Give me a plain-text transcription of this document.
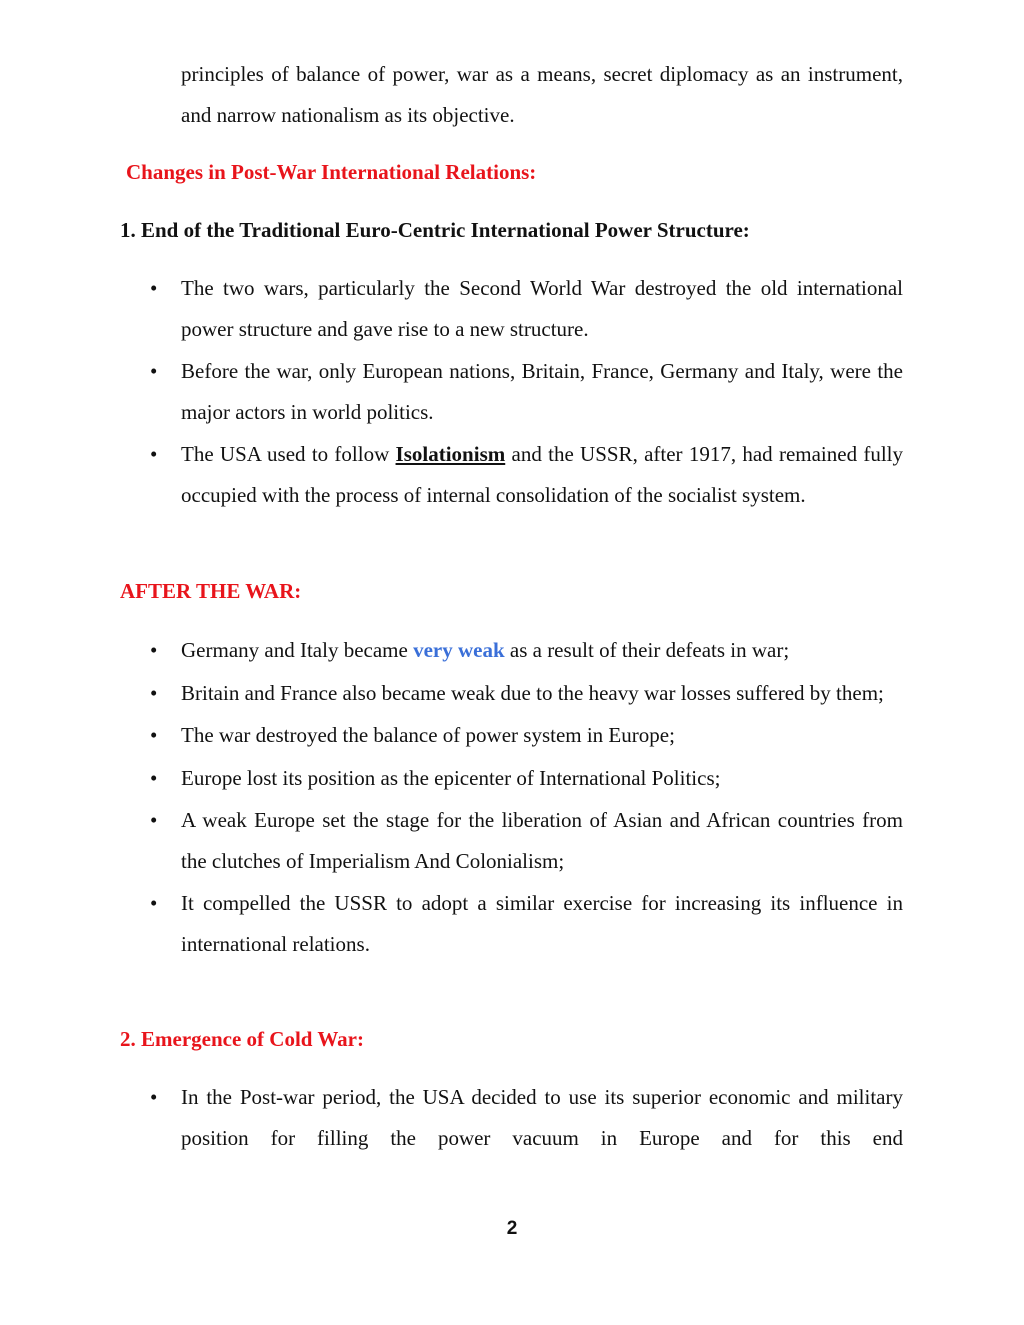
principles of balance of power, war as a means, secret diplomacy as an instrument, and narrow nationalism as its objective.

Changes in Post-War International Relations:
1. End of the Traditional Euro-Centric International Power Structure:
• The two wars, particularly the Second World War destroyed the old international power structure and gave rise to a new structure.
• Before the war, only European nations, Britain, France, Germany and Italy, were the major actors in world politics.
• The USA used to follow Isolationism and the USSR, after 1917, had remained fully occupied with the process of internal consolidation of the socialist system.
AFTER THE WAR:
• Germany and Italy became very weak as a result of their defeats in war;
• Britain and France also became weak due to the heavy war losses suffered by them;
• The war destroyed the balance of power system in Europe;
• Europe lost its position as the epicenter of International Politics;
• A weak Europe set the stage for the liberation of Asian and African countries from the clutches of Imperialism And Colonialism;
• It compelled the USSR to adopt a similar exercise for increasing its influence in international relations.
2. Emergence of Cold War:
• In the Post-war period, the USA decided to use its superior economic and military position for filling the power vacuum in Europe and for this end
2
